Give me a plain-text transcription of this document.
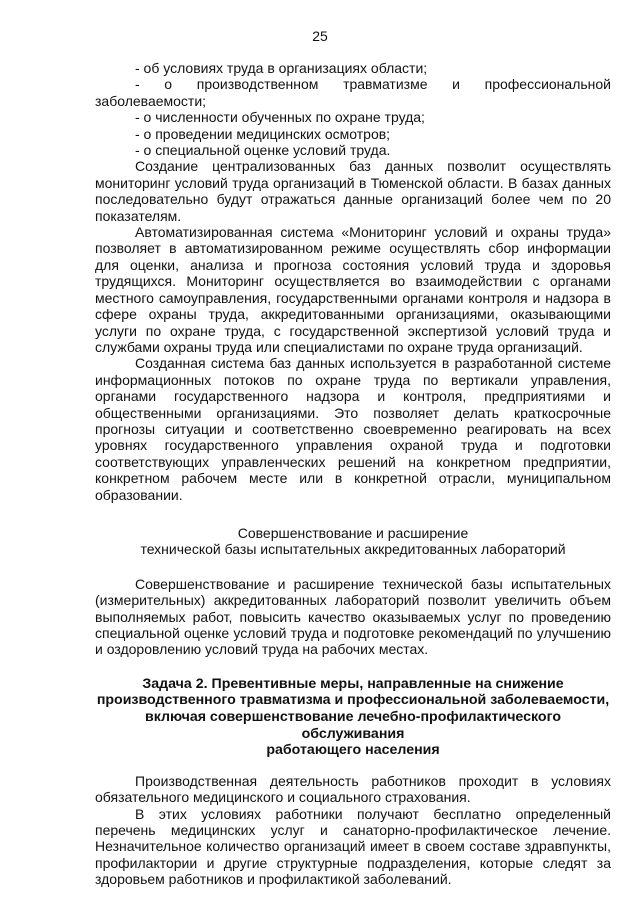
25

- об условиях труда в организациях области;

- о производственном травматизме и профессиональной

заболеваемости;

- о численности обученных по охране труда;

- о проведении медицинских осмотров;

- о специальной оценке условий труда.

Создание централизованных баз данных позволит осуществлять мониторинг условий труда организаций в Тюменской области. В базах данных последовательно будут отражаться данные организаций более чем по 20 показателям.

Автоматизированная система «Мониторинг условий и охраны труда» позволяет в автоматизированном режиме осуществлять сбор информации для оценки, анализа и прогноза состояния условий труда и здоровья трудящихся. Мониторинг осуществляется во взаимодействии с органами местного самоуправления, государственными органами контроля и надзора в сфере охраны труда, аккредитованными организациями, оказывающими услуги по охране труда, с государственной экспертизой условий труда и службами охраны труда или специалистами по охране труда организаций.

Созданная система баз данных используется в разработанной системе информационных потоков по охране труда по вертикали управления, органами государственного надзора и контроля, предприятиями и общественными организациями. Это позволяет делать краткосрочные прогнозы ситуации и соответственно своевременно реагировать на всех уровнях государственного управления охраной труда и подготовки соответствующих управленческих решений на конкретном предприятии, конкретном рабочем месте или в конкретной отрасли, муниципальном образовании.

Совершенствование и расширение

технической базы испытательных аккредитованных лабораторий

Совершенствование и расширение технической базы испытательных (измерительных) аккредитованных лабораторий позволит увеличить объем выполняемых работ, повысить качество оказываемых услуг по проведению специальной оценке условий труда и подготовке рекомендаций по улучшению и оздоровлению условий труда на рабочих местах.

Задача 2. Превентивные меры, направленные на снижение

производственного травматизма и профессиональной заболеваемости,

включая совершенствование лечебно-профилактического обслуживания

работающего населения

Производственная деятельность работников проходит в условиях обязательного медицинского и социального страхования.

В этих условиях работники получают бесплатно определенный перечень медицинских услуг и санаторно-профилактическое лечение. Незначительное количество организаций имеет в своем составе здравпункты, профилактории и другие структурные подразделения, которые следят за здоровьем работников и профилактикой заболеваний.
